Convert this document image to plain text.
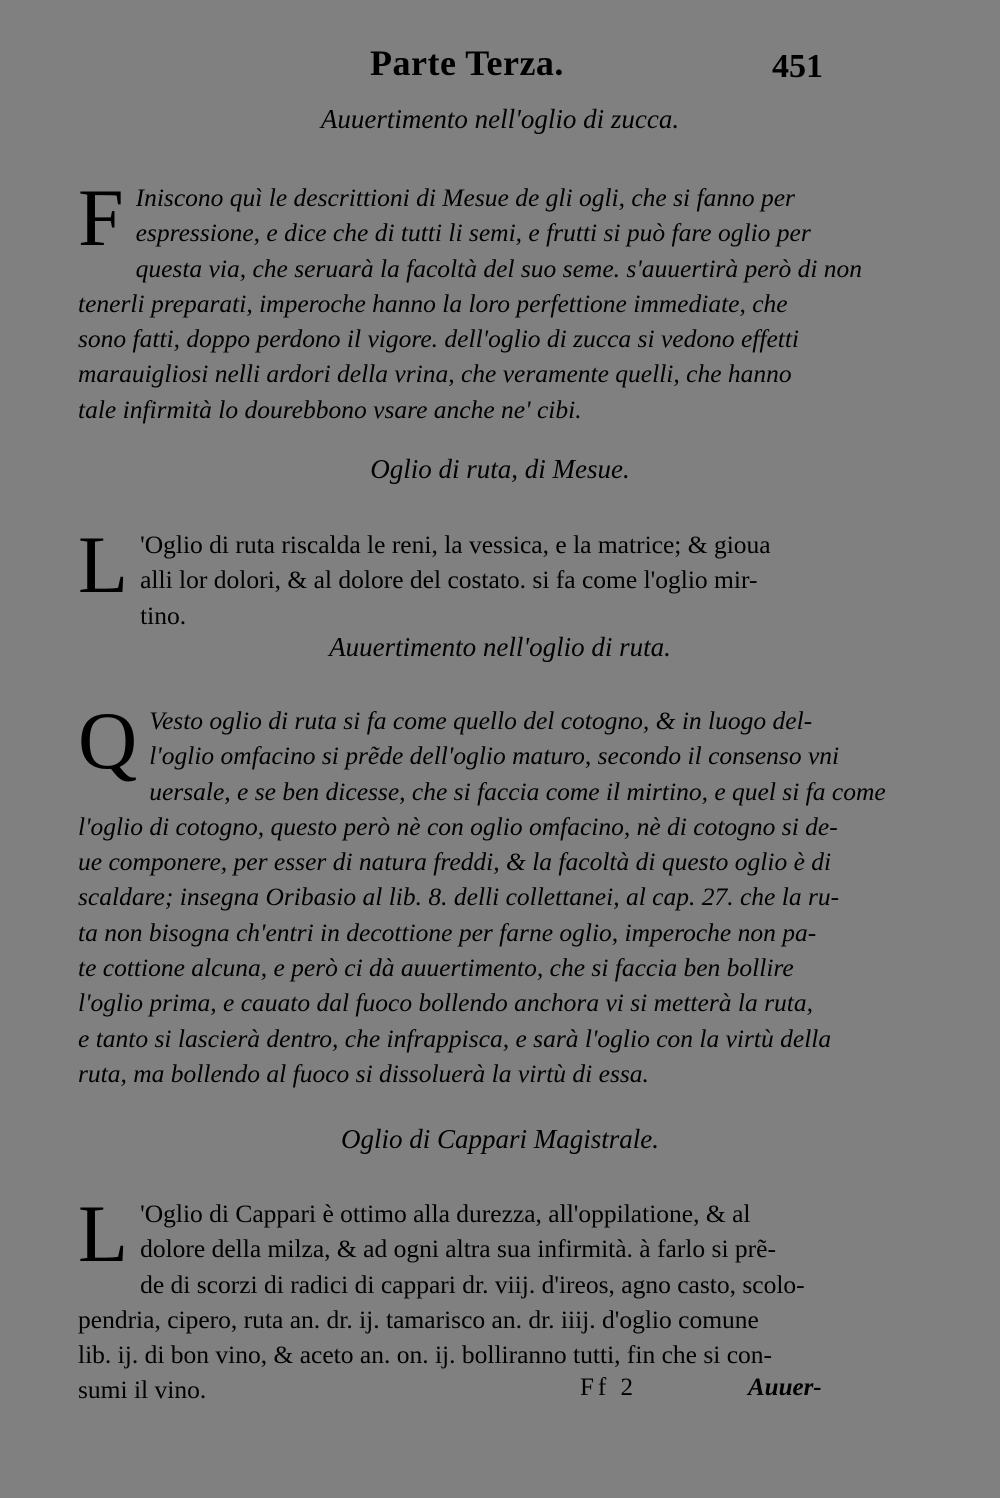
Parte Terza.	451
Auuertimento nell'oglio di zucca.
F Iniscono quì le descrittioni di Mesue de gli ogli, che si fanno per
espressione, e dice che di tutti li semi, e frutti si può fare oglio per
questa via, che seruarà la facoltà del suo seme. s'auuertirà però di non
tenerli preparati, imperoche hanno la loro perfettione immediate, che
sono fatti, doppo perdono il vigore. dell'oglio di zucca si vedono effetti
marauigliosi nelli ardori della vrina, che veramente quelli, che hanno
tale infirmità lo dourebbono vsare anche ne' cibi.
Oglio di ruta, di Mesue.
L 'Oglio di ruta riscalda le reni, la vessica, e la matrice; & gioua
alli lor dolori, & al dolore del costato. si fa come l'oglio mir-
tino.
Auuertimento nell'oglio di ruta.
Q Vesto oglio di ruta si fa come quello del cotogno, & in luogo del-
l'oglio omfacino si prẽde dell'oglio maturo, secondo il consenso vni
uersale, e se ben dicesse, che si faccia come il mirtino, e quel si fa come
l'oglio di cotogno, questo però nè con oglio omfacino, nè di cotogno si de-
ue componere, per esser di natura freddi, & la facoltà di questo oglio è di
scaldare; insegna Oribasio al lib. 8. delli collettanei, al cap. 27. che la ru-
ta non bisogna ch'entri in decottione per farne oglio, imperoche non pa-
te cottione alcuna, e però ci dà auuertimento, che si faccia ben bollire
l'oglio prima, e cauato dal fuoco bollendo anchora vi si metterà la ruta,
e tanto si lascierà dentro, che infrappisca, e sarà l'oglio con la virtù della
ruta, ma bollendo al fuoco si dissoluerà la virtù di essa.
Oglio di Cappari Magistrale.
L 'Oglio di Cappari è ottimo alla durezza, all'oppilatione, & al
dolore della milza, & ad ogni altra sua infirmità. à farlo si prẽ-
de di scorzi di radici di cappari dr. viij. d'ireos, agno casto, scolo-
pendria, cipero, ruta an. dr. ij. tamarisco an. dr. iiij. d'oglio comune
lib. ij. di bon vino, & aceto an. on. ij. bolliranno tutti, fin che si con-
sumi il vino.	Ff 2	Auuer-
